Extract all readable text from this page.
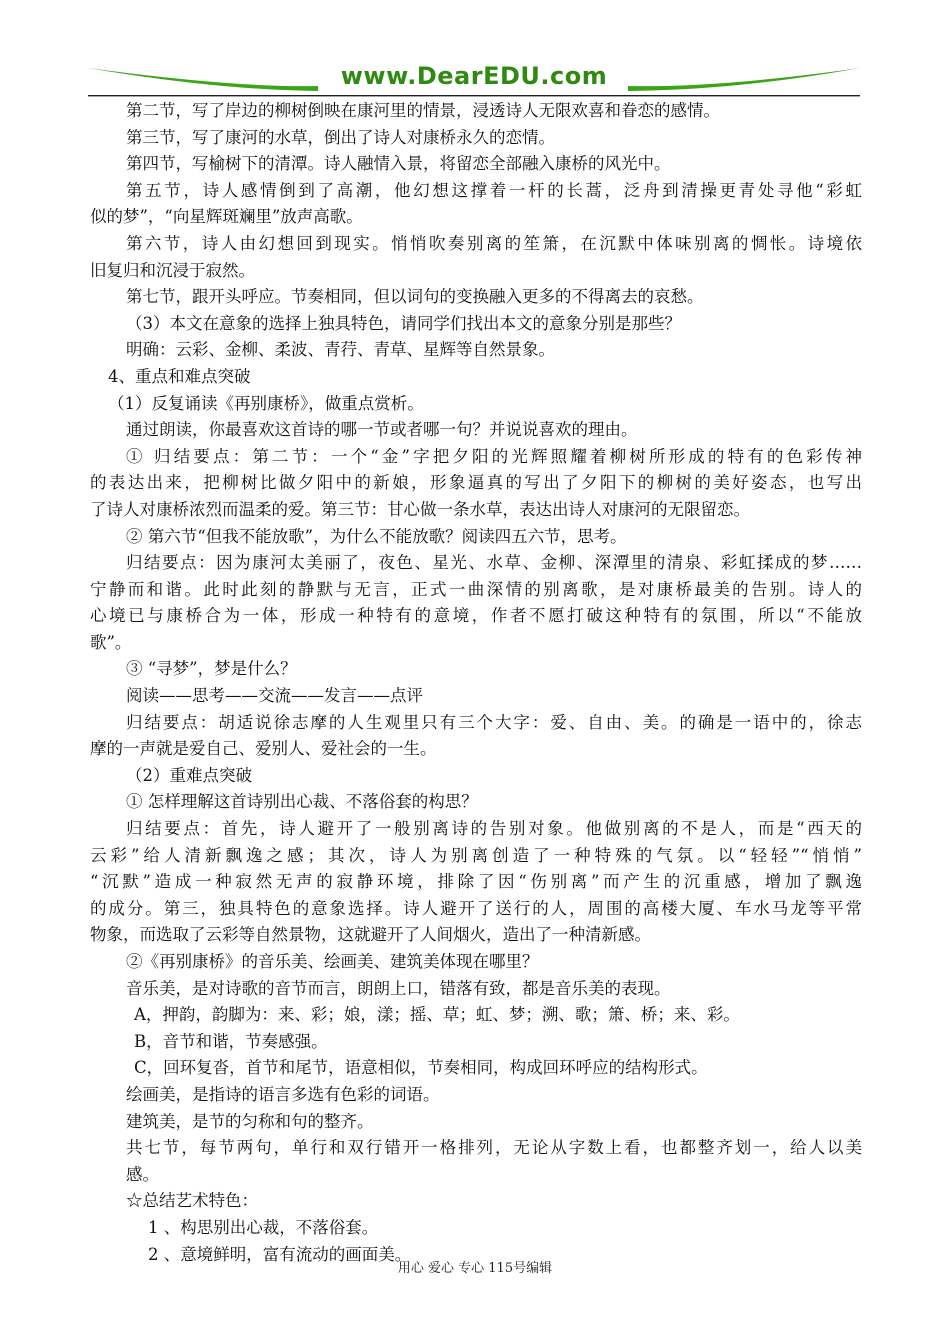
www.DearEDU.com
第二节，写了岸边的柳树倒映在康河里的情景，浸透诗人无限欢喜和眷恋的感情。
第三节，写了康河的水草，倒出了诗人对康桥永久的恋情。
第四节，写榆树下的清潭。诗人融情入景，将留恋全部融入康桥的风光中。
第五节，诗人感情倒到了高潮，他幻想这撑着一杆的长蒿，泛舟到清操更青处寻他“彩虹
似的梦”，“向星辉斑斓里”放声高歌。
第六节，诗人由幻想回到现实。悄悄吹奏别离的笙箫，在沉默中体味别离的惆怅。诗境依
旧复归和沉浸于寂然。
第七节，跟开头呼应。节奏相同，但以词句的变换融入更多的不得离去的哀愁。
（3）本文在意象的选择上独具特色，请同学们找出本文的意象分别是那些？
明确：云彩、金柳、柔波、青荇、青草、星辉等自然景象。
4、重点和难点突破
（1）反复诵读《再别康桥》，做重点赏析。
通过朗读，你最喜欢这首诗的哪一节或者哪一句？并说说喜欢的理由。
① 归结要点：第二节：一个“金”字把夕阳的光辉照耀着柳树所形成的特有的色彩传神
的表达出来，把柳树比做夕阳中的新娘，形象逼真的写出了夕阳下的柳树的美好姿态，也写出
了诗人对康桥浓烈而温柔的爱。第三节：甘心做一条水草，表达出诗人对康河的无限留恋。
② 第六节“但我不能放歌”，为什么不能放歌？阅读四五六节，思考。
归结要点：因为康河太美丽了，夜色、星光、水草、金柳、深潭里的清泉、彩虹揉成的梦……
宁静而和谐。此时此刻的静默与无言，正式一曲深情的别离歌，是对康桥最美的告别。诗人的
心境已与康桥合为一体，形成一种特有的意境，作者不愿打破这种特有的氛围，所以“不能放
歌”。
③ “寻梦”，梦是什么？
阅读——思考——交流——发言——点评
归结要点：胡适说徐志摩的人生观里只有三个大字：爱、自由、美。的确是一语中的，徐志
摩的一声就是爱自己、爱别人、爱社会的一生。
（2）重难点突破
① 怎样理解这首诗别出心裁、不落俗套的构思？
归结要点：首先，诗人避开了一般别离诗的告别对象。他做别离的不是人，而是“西天的
云彩”给人清新飘逸之感；其次，诗人为别离创造了一种特殊的气氛。以“轻轻”“悄悄”
“沉默”造成一种寂然无声的寂静环境，排除了因“伤别离”而产生的沉重感，增加了飘逸
的成分。第三，独具特色的意象选择。诗人避开了送行的人，周围的高楼大厦、车水马龙等平常
物象，而选取了云彩等自然景物，这就避开了人间烟火，造出了一种清新感。
②《再别康桥》的音乐美、绘画美、建筑美体现在哪里？
音乐美，是对诗歌的音节而言，朗朗上口，错落有致，都是音乐美的表现。
A，押韵，韵脚为：来、彩；娘，漾；摇、草；虹、梦；溯、歌；箫、桥；来、彩。
B，音节和谐，节奏感强。
C，回环复沓，首节和尾节，语意相似，节奏相同，构成回环呼应的结构形式。
绘画美，是指诗的语言多选有色彩的词语。
建筑美，是节的匀称和句的整齐。
共七节，每节两句，单行和双行错开一格排列，无论从字数上看，也都整齐划一，给人以美
感。
☆总结艺术特色：
1 、构思别出心裁，不落俗套。
2 、意境鲜明，富有流动的画面美。
用心 爱心 专心 115号编辑
